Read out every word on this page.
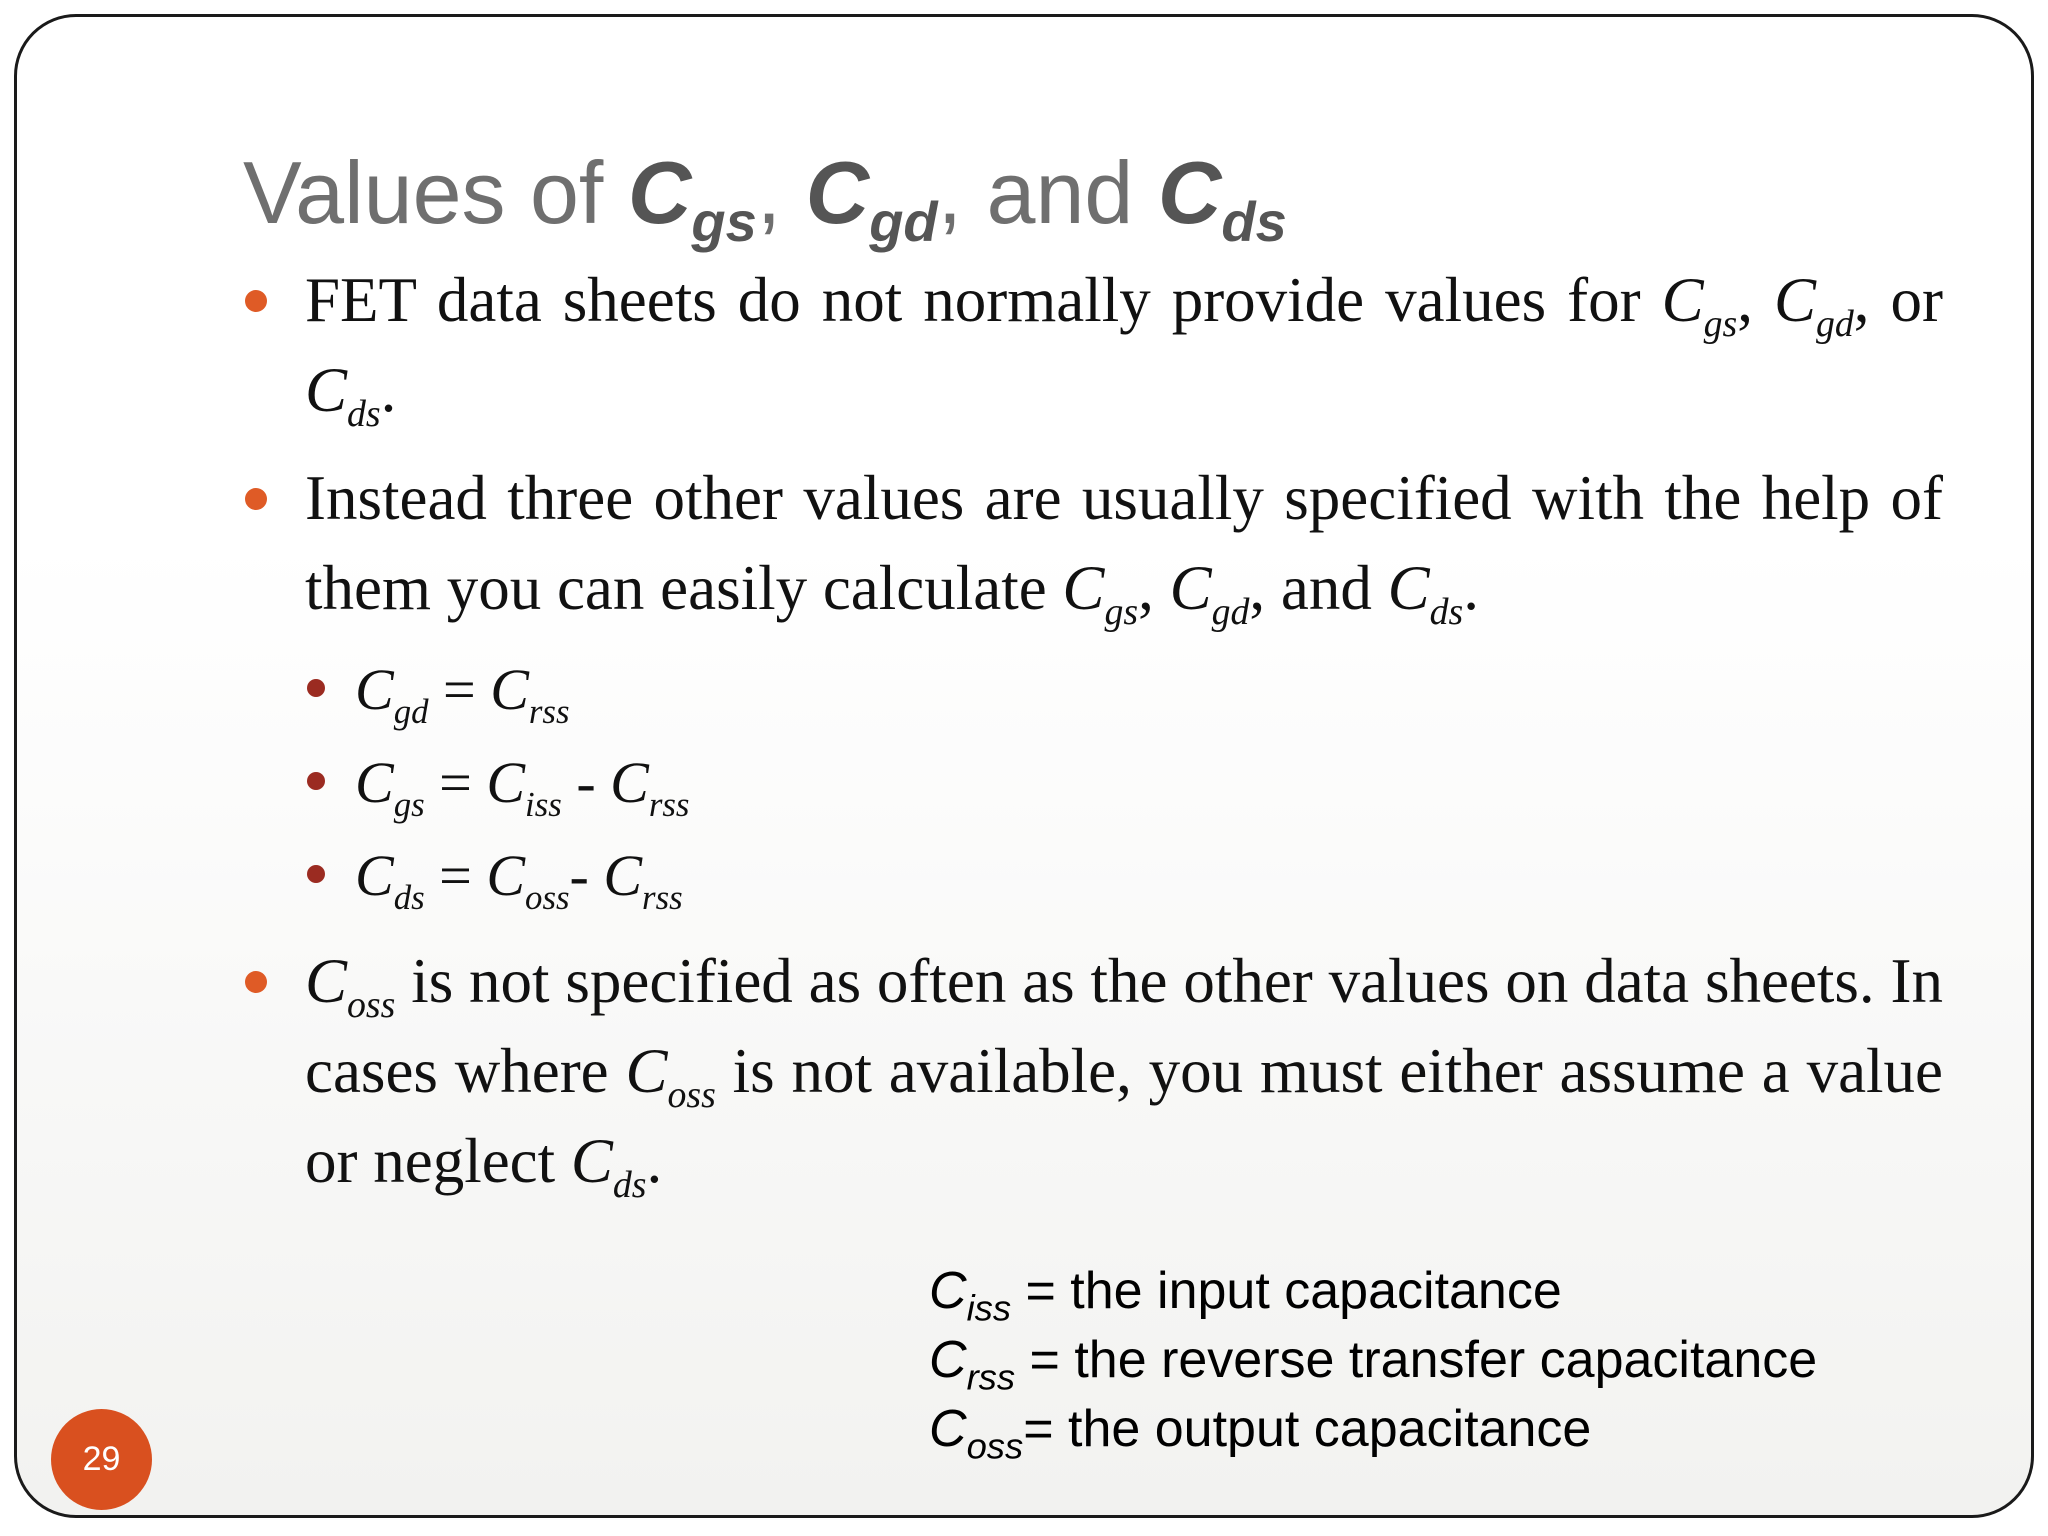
Values of $C_{gs}$, $C_{gd}$, and $C_{ds}$
FET data sheets do not normally provide values for $C_{gs}$, $C_{gd}$, or $C_{ds}$.
Instead three other values are usually specified with the help of them you can easily calculate $C_{gs}$, $C_{gd}$, and $C_{ds}$.
$C_{gd} = C_{rss}$
$C_{gs} = C_{iss} - C_{rss}$
$C_{ds} = C_{oss}-$ $C_{rss}$
$C_{oss}$ is not specified as often as the other values on data sheets. In cases where $C_{oss}$ is not available, you must either assume a value or neglect $C_{ds}$.
$C_{iss}$ = the input capacitance
$C_{rss}$ = the reverse transfer capacitance
$C_{oss}=$ the output capacitance
29
